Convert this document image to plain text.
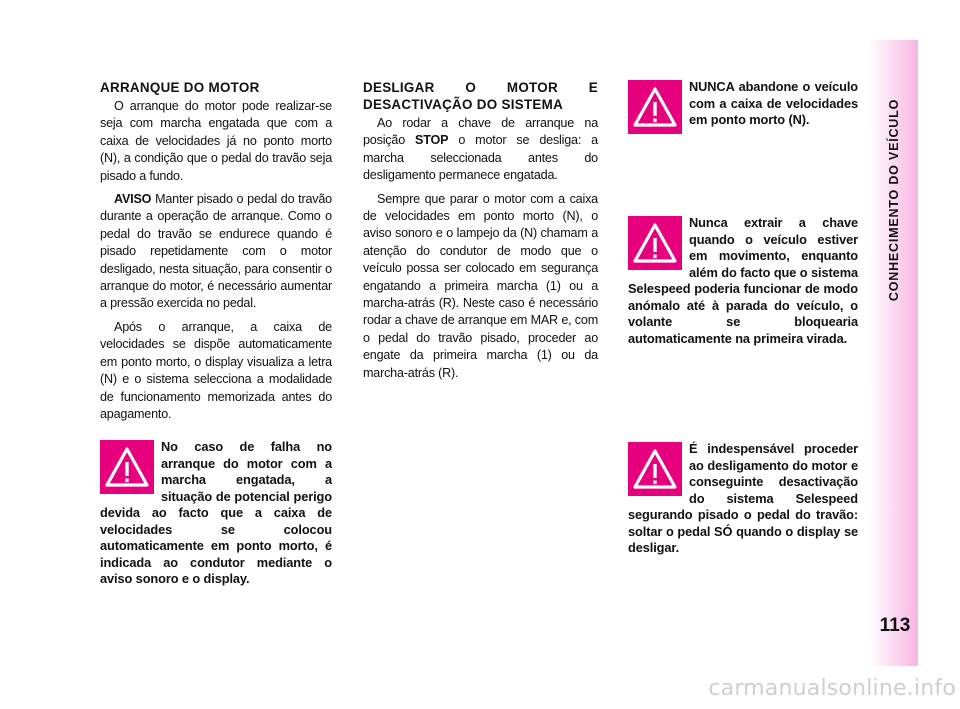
CONHECIMENTO DO VEÍCULO
113
ARRANQUE DO MOTOR

O arranque do motor pode realizar-se seja com marcha engatada que com a caixa de velocidades já no ponto morto (N), a condição que o pedal do travão seja pisado a fundo.

AVISO Manter pisado o pedal do travão durante a operação de arranque. Como o pedal do travão se endurece quando é pisado repetidamente com o motor desligado, nesta situação, para consentir o arranque do motor, é necessário aumentar a pressão exercida no pedal.

Após o arranque, a caixa de velocidades se dispõe automaticamente em ponto morto, o display visualiza a letra (N) e o sistema selecciona a modalidade de funcionamento memorizada antes do apagamento.

No caso de falha no arranque do motor com a marcha engatada, a situação de potencial perigo devida ao facto que a caixa de velocidades se colocou automaticamente em ponto morto, é indicada ao condutor mediante o aviso sonoro e o display.
DESLIGAR O MOTOR E DESACTIVAÇÃO DO SISTEMA

Ao rodar a chave de arranque na posição STOP o motor se desliga: a marcha seleccionada antes do desligamento permanece engatada.

Sempre que parar o motor com a caixa de velocidades em ponto morto (N), o aviso sonoro e o lampejo da (N) chamam a atenção do condutor de modo que o veículo possa ser colocado em segurança engatando a primeira marcha (1) ou a marcha-atrás (R). Neste caso é necessário rodar a chave de arranque em MAR e, com o pedal do travão pisado, proceder ao engate da primeira marcha (1) ou da marcha-atrás (R).

NUNCA abandone o veículo com a caixa de velocidades em ponto morto (N).
Nunca extrair a chave quando o veículo estiver em movimento, enquanto além do facto que o sistema Selespeed poderia funcionar de modo anómalo até à parada do veículo, o volante se bloquearia automaticamente na primeira virada.
É indespensável proceder ao desligamento do motor e conseguinte desactivação do sistema Selespeed segurando pisado o pedal do travão: soltar o pedal SÓ quando o display se desligar.
carmanualsonline.info
